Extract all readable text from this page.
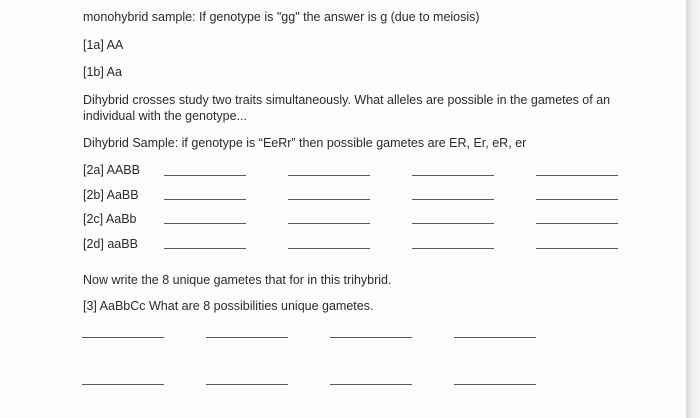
monohybrid sample: If genotype is "gg" the answer is g (due to meiosis)
[1a] AA
[1b] Aa
Dihybrid crosses study two traits simultaneously. What alleles are possible in the gametes of an individual with the genotype...
Dihybrid Sample: if genotype is “EeRr” then possible gametes are ER, Er, eR, er
[2a] AABB
[2b] AaBB
[2c] AaBb
[2d] aaBB
Now write the 8 unique gametes that for in this trihybrid.
[3] AaBbCc What are 8 possibilities unique gametes.
